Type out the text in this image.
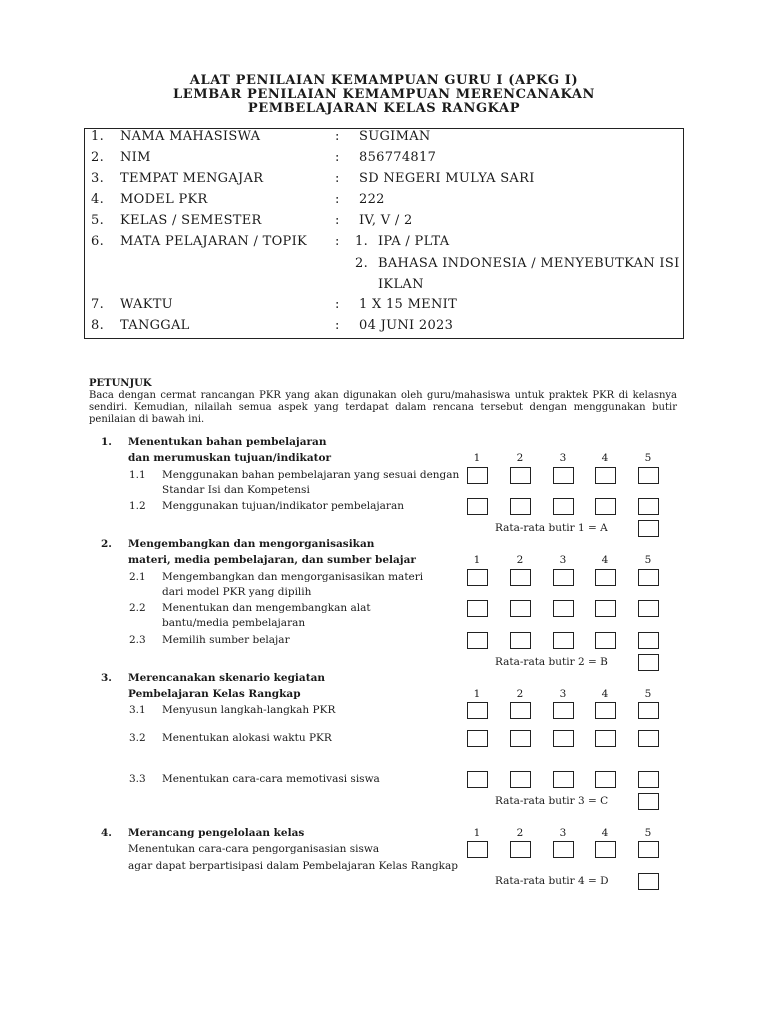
ALAT PENILAIAN KEMAMPUAN GURU I (APKG I)
LEMBAR PENILAIAN KEMAMPUAN MERENCANAKAN
PEMBELAJARAN KELAS RANGKAP
1. NAMA MAHASISWA	: SUGIMAN
2. NIM	: 856774817
3. TEMPAT MENGAJAR	: SD NEGERI MULYA SARI
4. MODEL PKR	: 222
5. KELAS / SEMESTER	: IV, V / 2
6. MATA PELAJARAN / TOPIK : 1. IPA / PLTA
2. BAHASA INDONESIA / MENYEBUTKAN ISI
IKLAN
7. WAKTU	: 1 X 15 MENIT
8. TANGGAL	: 04 JUNI 2023
PETUNJUK
Baca dengan cermat rancangan PKR yang akan digunakan oleh guru/mahasiswa untuk praktek PKR di kelasnya sendiri. Kemudian, nilailah semua aspek yang terdapat dalam rencana tersebut dengan menggunakan butir penilaian di bawah ini.
1. Menentukan bahan pembelajaran
dan merumuskan tujuan/indikator	1	2	3	4	5
1.1 Menggunakan bahan pembelajaran yang sesuai dengan
Standar Isi dan Kompetensi
1.2 Menggunakan tujuan/indikator pembelajaran
Rata-rata butir 1 = A
2. Mengembangkan dan mengorganisasikan
materi, media pembelajaran, dan sumber belajar	1	2	3	4	5
2.1 Mengembangkan dan mengorganisasikan materi
dari model PKR yang dipilih
2.2 Menentukan dan mengembangkan alat
bantu/media pembelajaran
2.3 Memilih sumber belajar
Rata-rata butir 2 = B
3. Merencanakan skenario kegiatan
Pembelajaran Kelas Rangkap	1	2	3	4	5
3.1 Menyusun langkah-langkah PKR
3.2 Menentukan alokasi waktu PKR
3.3 Menentukan cara-cara memotivasi siswa
Rata-rata butir 3 = C
4. Merancang pengelolaan kelas	1	2	3	4	5
Menentukan cara-cara pengorganisasian siswa
agar dapat berpartisipasi dalam Pembelajaran Kelas Rangkap
Rata-rata butir 4 = D
